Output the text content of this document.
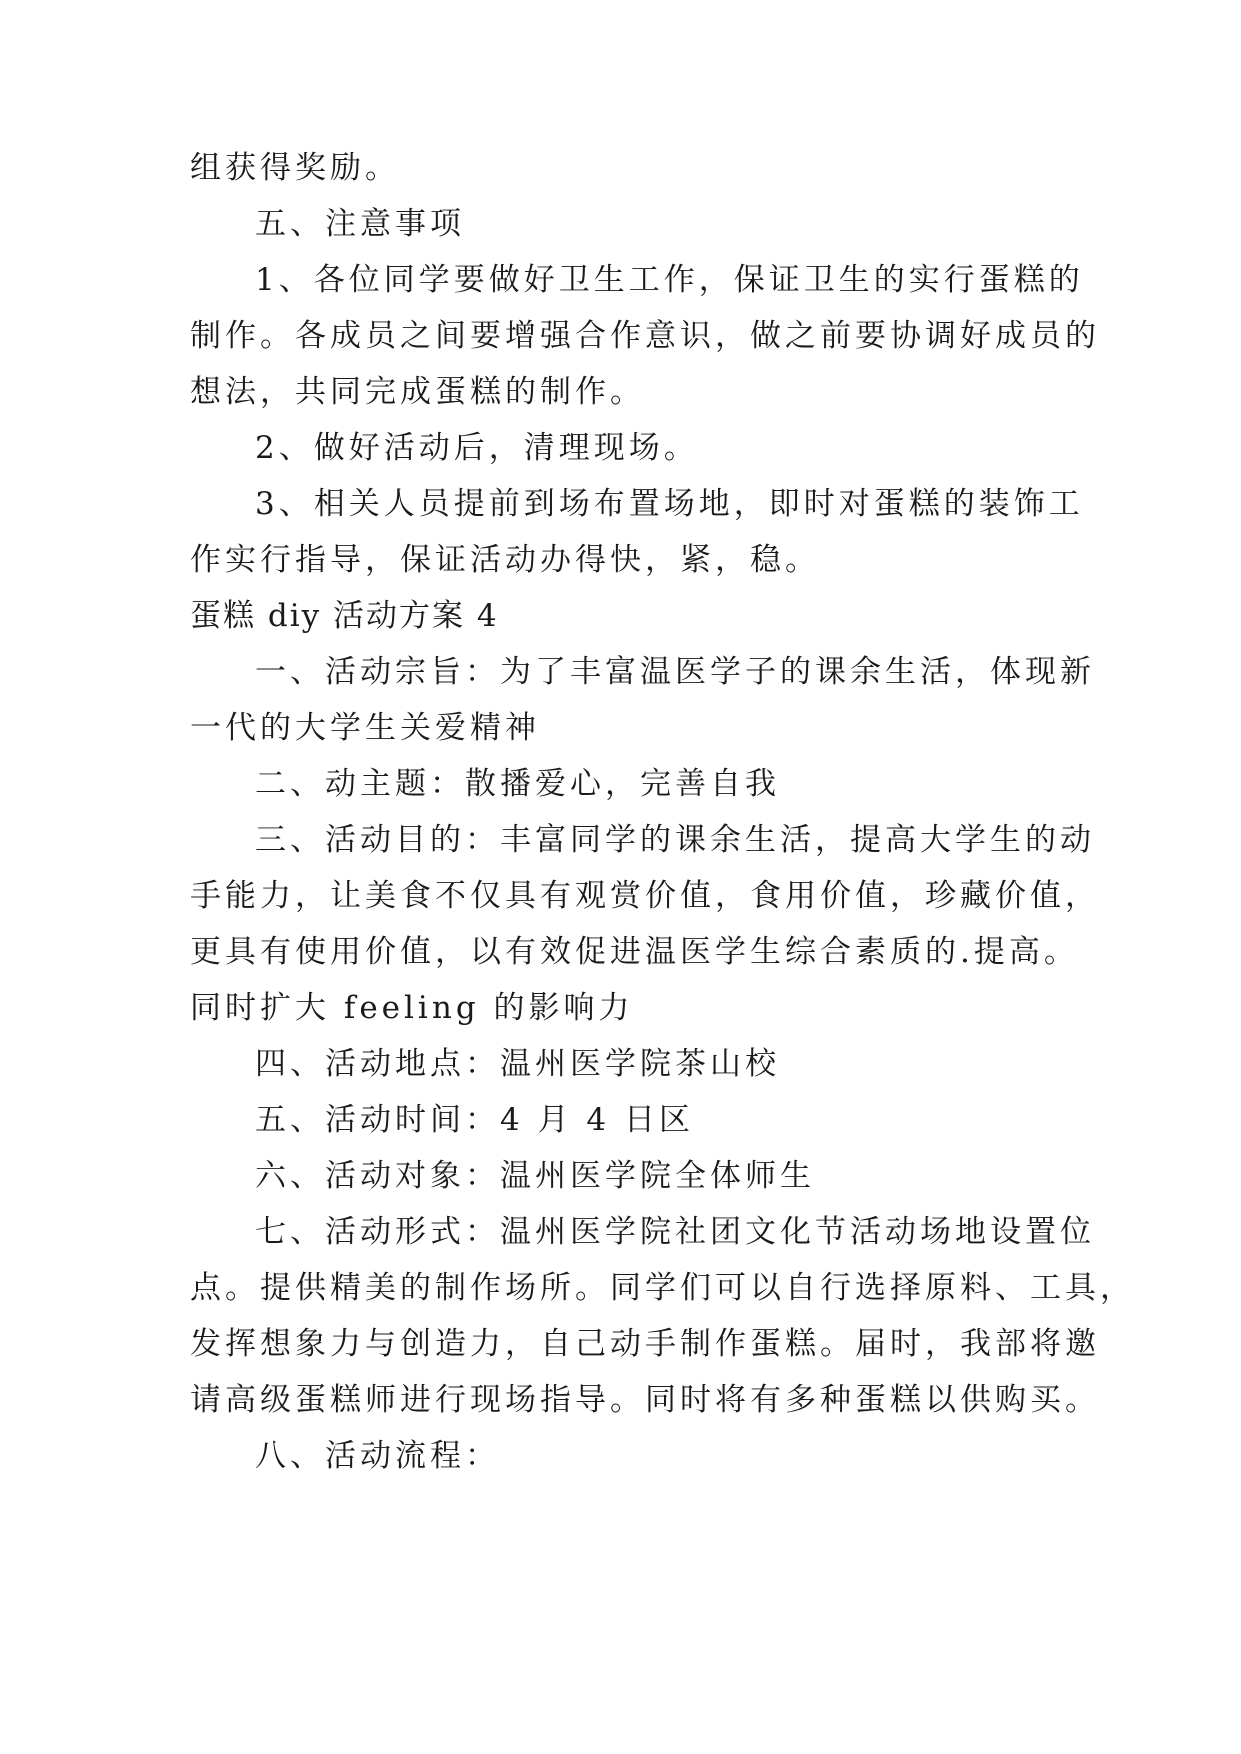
组获得奖励。
五、注意事项
1、各位同学要做好卫生工作，保证卫生的实行蛋糕的
制作。各成员之间要增强合作意识，做之前要协调好成员的
想法，共同完成蛋糕的制作。
2、做好活动后，清理现场。
3、相关人员提前到场布置场地，即时对蛋糕的装饰工
作实行指导，保证活动办得快，紧，稳。
蛋糕 diy 活动方案 4
一、活动宗旨：为了丰富温医学子的课余生活，体现新
一代的大学生关爱精神
二、动主题：散播爱心，完善自我
三、活动目的：丰富同学的课余生活，提高大学生的动
手能力，让美食不仅具有观赏价值，食用价值，珍藏价值，
更具有使用价值，以有效促进温医学生综合素质的.提高。
同时扩大 feeling 的影响力
四、活动地点：温州医学院茶山校
五、活动时间：4 月 4 日区
六、活动对象：温州医学院全体师生
七、活动形式：温州医学院社团文化节活动场地设置位
点。提供精美的制作场所。同学们可以自行选择原料、工具，
发挥想象力与创造力，自己动手制作蛋糕。届时，我部将邀
请高级蛋糕师进行现场指导。同时将有多种蛋糕以供购买。
八、活动流程：
